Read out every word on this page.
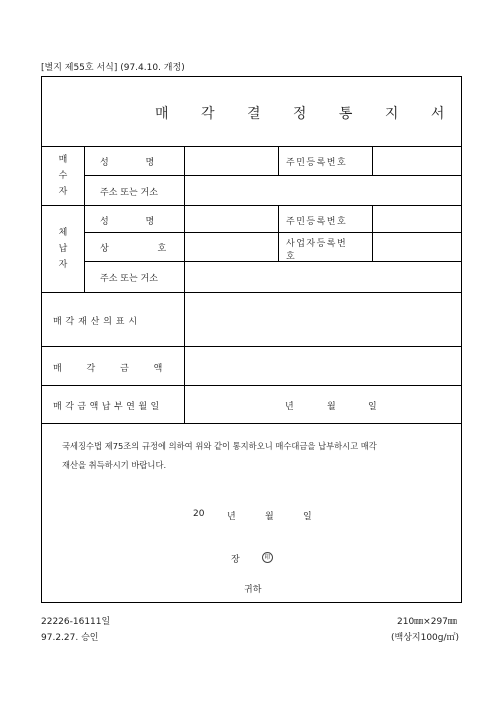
[별지 제55호 서식] (97.4.10. 개정)
매 각 결 정 통 지 서
매 수 자
성 명	주민등록번호
주소 또는 거소
체 납 자
성 명	주민등록번호
상 호	사업자등록번
호
주소 또는 거소
매 각 재 산 의 표 시
매 각 금 액
매각금액납부연월일	년	월	일
국세징수법 제75조의 규정에 의하여 위와 같이 통지하오니 매수대금을 납부하시고 매각
재산을 취득하시기 바랍니다.
20	년	월	일
장	印
귀하
22226-16111일
97.2.27. 승인
210㎜×297㎜
(백상지100g/㎡)
